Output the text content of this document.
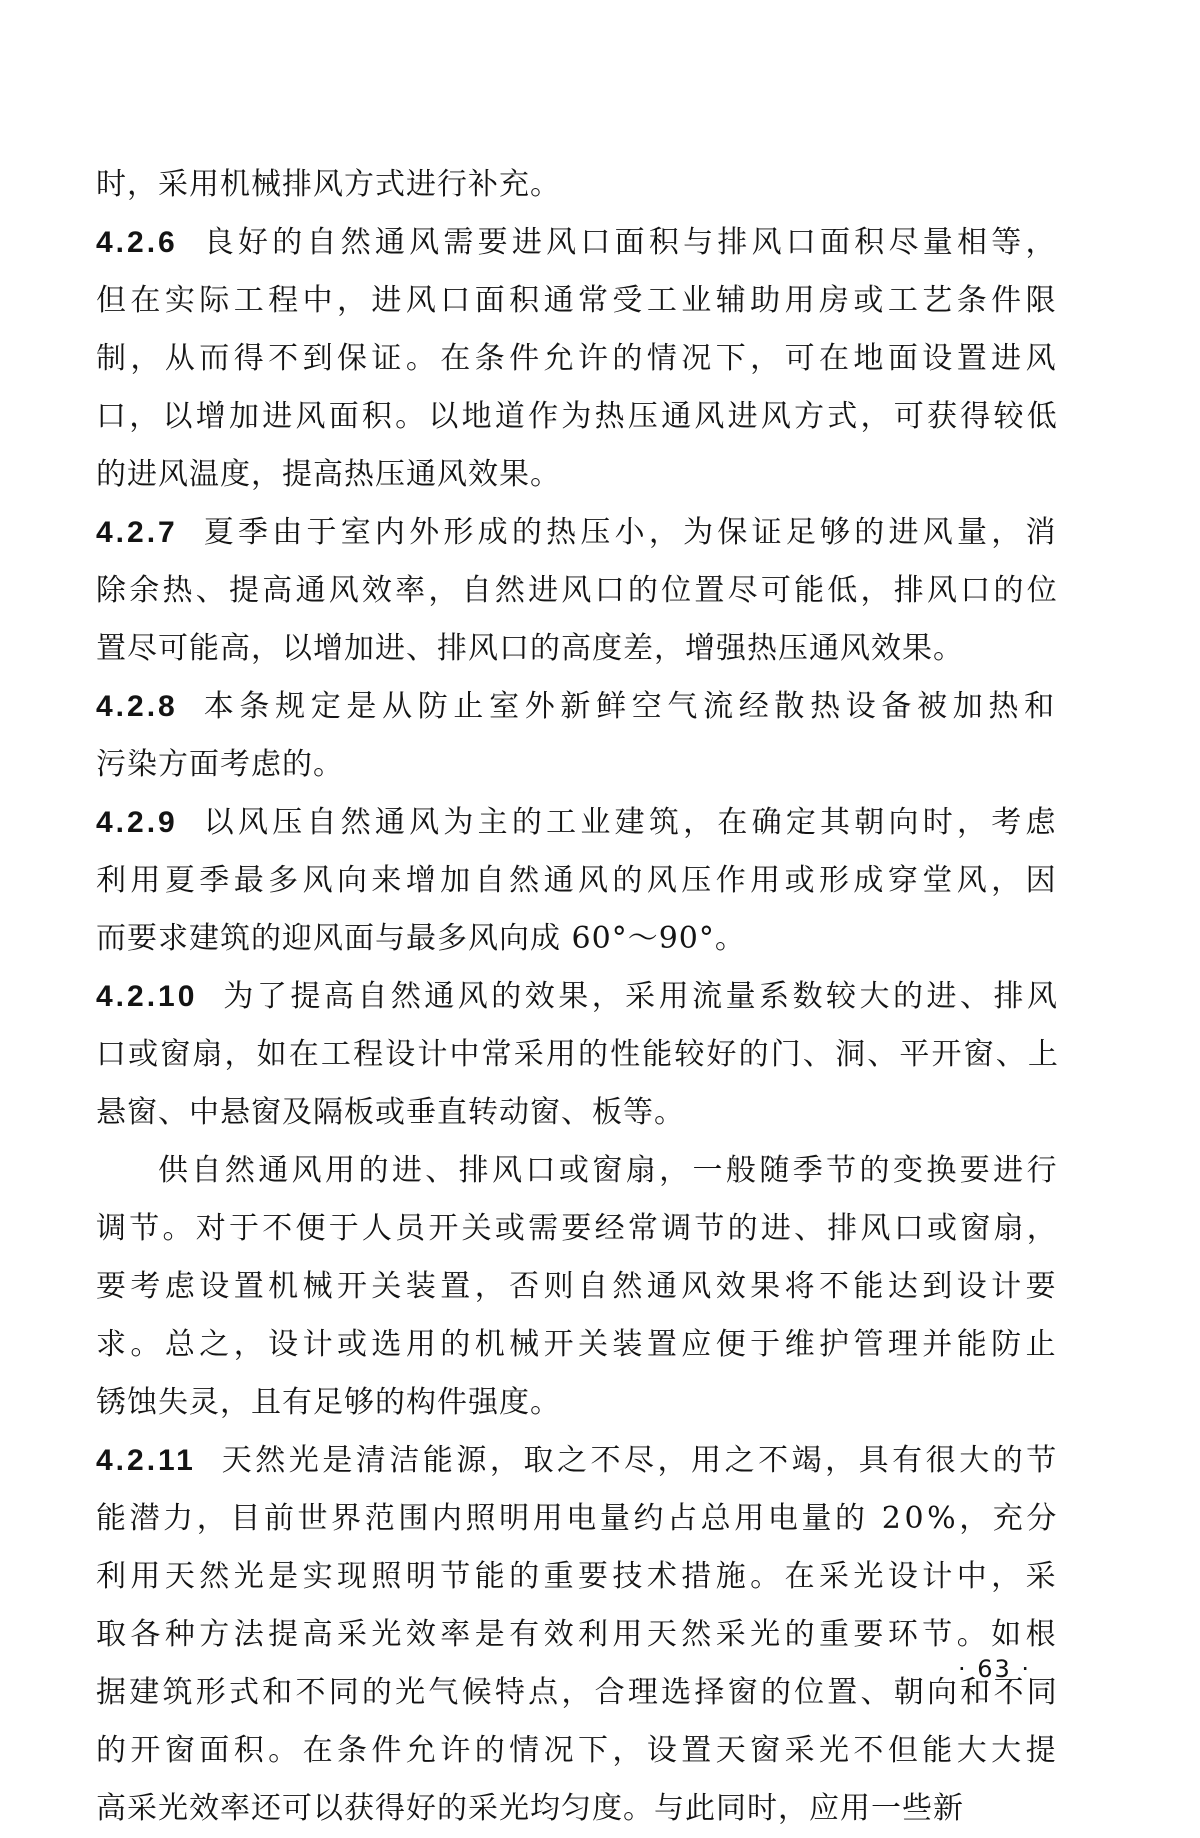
时，采用机械排风方式进行补充。
4.2.6 良好的自然通风需要进风口面积与排风口面积尽量相等，
但在实际工程中，进风口面积通常受工业辅助用房或工艺条件限
制，从而得不到保证。在条件允许的情况下，可在地面设置进风
口，以增加进风面积。以地道作为热压通风进风方式，可获得较低
的进风温度，提高热压通风效果。
4.2.7 夏季由于室内外形成的热压小，为保证足够的进风量，消
除余热、提高通风效率，自然进风口的位置尽可能低，排风口的位
置尽可能高，以增加进、排风口的高度差，增强热压通风效果。
4.2.8 本条规定是从防止室外新鲜空气流经散热设备被加热和
污染方面考虑的。
4.2.9 以风压自然通风为主的工业建筑，在确定其朝向时，考虑
利用夏季最多风向来增加自然通风的风压作用或形成穿堂风，因
而要求建筑的迎风面与最多风向成 60°～90°。
4.2.10 为了提高自然通风的效果，采用流量系数较大的进、排风
口或窗扇，如在工程设计中常采用的性能较好的门、洞、平开窗、上
悬窗、中悬窗及隔板或垂直转动窗、板等。
供自然通风用的进、排风口或窗扇，一般随季节的变换要进行
调节。对于不便于人员开关或需要经常调节的进、排风口或窗扇，
要考虑设置机械开关装置，否则自然通风效果将不能达到设计要
求。总之，设计或选用的机械开关装置应便于维护管理并能防止
锈蚀失灵，且有足够的构件强度。
4.2.11 天然光是清洁能源，取之不尽，用之不竭，具有很大的节
能潜力，目前世界范围内照明用电量约占总用电量的 20%，充分
利用天然光是实现照明节能的重要技术措施。在采光设计中，采
取各种方法提高采光效率是有效利用天然采光的重要环节。如根
据建筑形式和不同的光气候特点，合理选择窗的位置、朝向和不同
的开窗面积。在条件允许的情况下，设置天窗采光不但能大大提
高采光效率还可以获得好的采光均匀度。与此同时，应用一些新
· 63 ·
